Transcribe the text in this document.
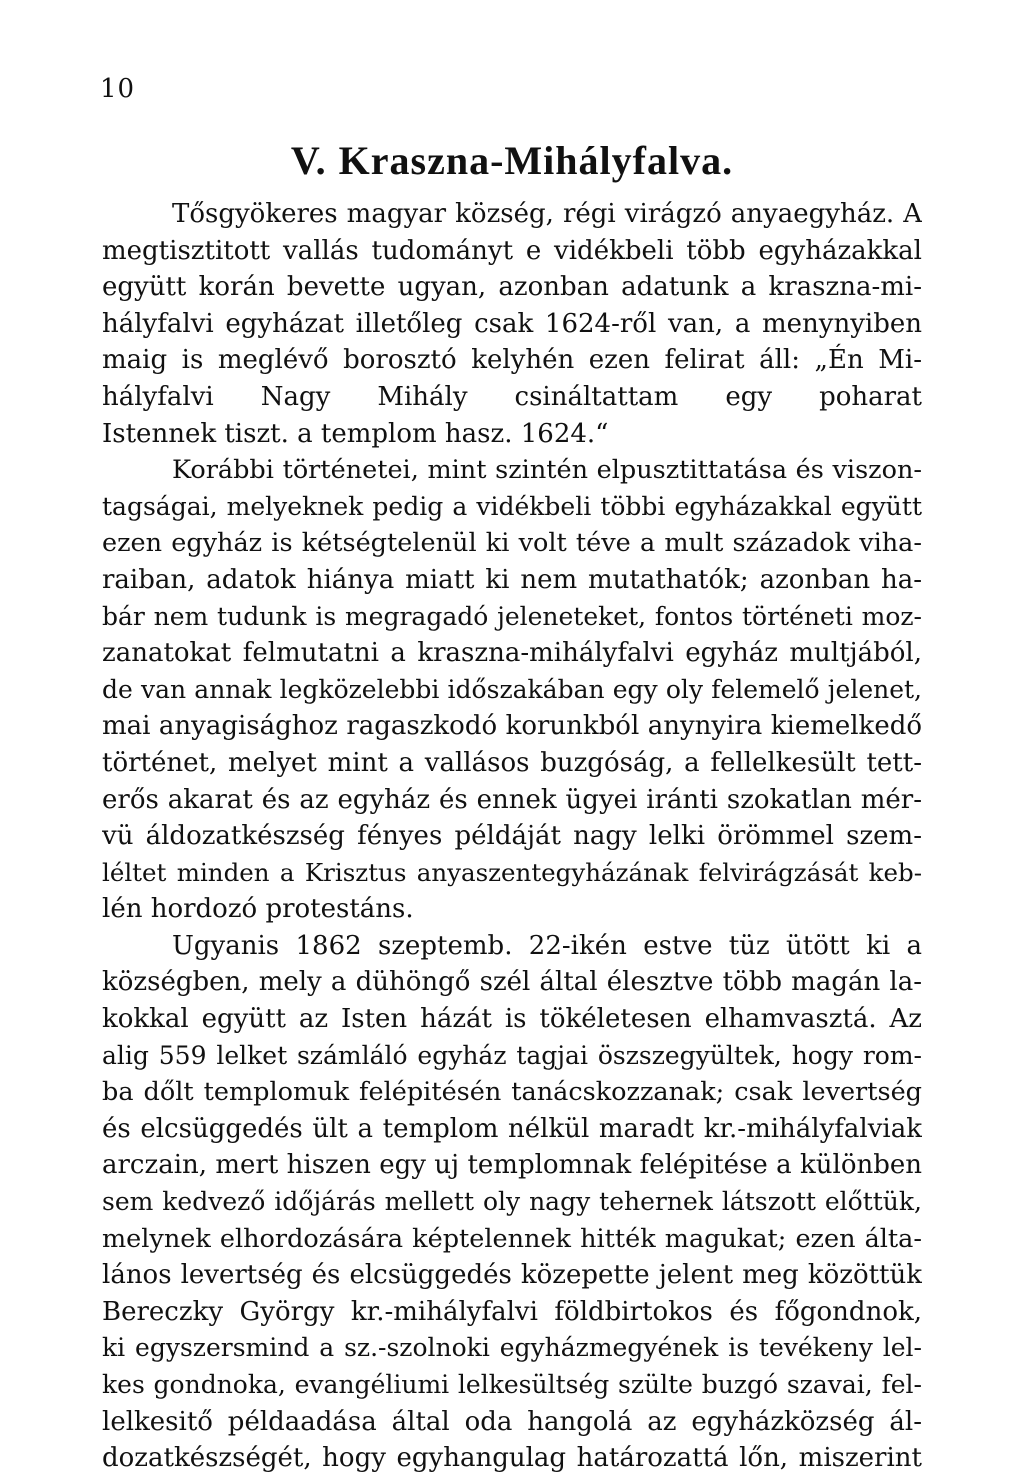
10
V. Kraszna-Mihályfalva.
Tősgyökeres magyar község, régi virágzó anyaegyház. A
megtisztitott vallás tudományt e vidékbeli több egyházakkal
együtt korán bevette ugyan, azonban adatunk a kraszna-mi-
hályfalvi egyházat illetőleg csak 1624-ről van, a menynyiben
maig is meglévő borosztó kelyhén ezen felirat áll: „Én Mi-
hályfalvi Nagy Mihály csináltattam egy poharat
Istennek tiszt. a templom hasz. 1624.“
Korábbi történetei, mint szintén elpusztittatása és viszon-
tagságai, melyeknek pedig a vidékbeli többi egyházakkal együtt
ezen egyház is kétségtelenül ki volt téve a mult századok viha-
raiban, adatok hiánya miatt ki nem mutathatók; azonban ha-
bár nem tudunk is megragadó jeleneteket, fontos történeti moz-
zanatokat felmutatni a kraszna-mihályfalvi egyház multjából,
de van annak legközelebbi időszakában egy oly felemelő jelenet,
mai anyagisághoz ragaszkodó korunkból anynyira kiemelkedő
történet, melyet mint a vallásos buzgóság, a fellelkesült tett-
erős akarat és az egyház és ennek ügyei iránti szokatlan mér-
vü áldozatkészség fényes példáját nagy lelki örömmel szem-
léltet minden a Krisztus anyaszentegyházának felvirágzását keb-
lén hordozó protestáns.
Ugyanis 1862 szeptemb. 22-ikén estve tüz ütött ki a
községben, mely a dühöngő szél által élesztve több magán la-
kokkal együtt az Isten házát is tökéletesen elhamvasztá. Az
alig 559 lelket számláló egyház tagjai öszszegyültek, hogy rom-
ba dőlt templomuk felépitésén tanácskozzanak; csak levertség
és elcsüggedés ült a templom nélkül maradt kr.-mihályfalviak
arczain, mert hiszen egy uj templomnak felépitése a különben
sem kedvező időjárás mellett oly nagy tehernek látszott előttük,
melynek elhordozására képtelennek hitték magukat; ezen álta-
lános levertség és elcsüggedés közepette jelent meg közöttük
Bereczky György kr.-mihályfalvi földbirtokos és főgondnok,
ki egyszersmind a sz.-szolnoki egyházmegyének is tevékeny lel-
kes gondnoka, evangéliumi lelkesültség szülte buzgó szavai, fel-
lelkesitő példaadása által oda hangolá az egyházközség ál-
dozatkészségét, hogy egyhangulag határozattá lőn, miszerint
